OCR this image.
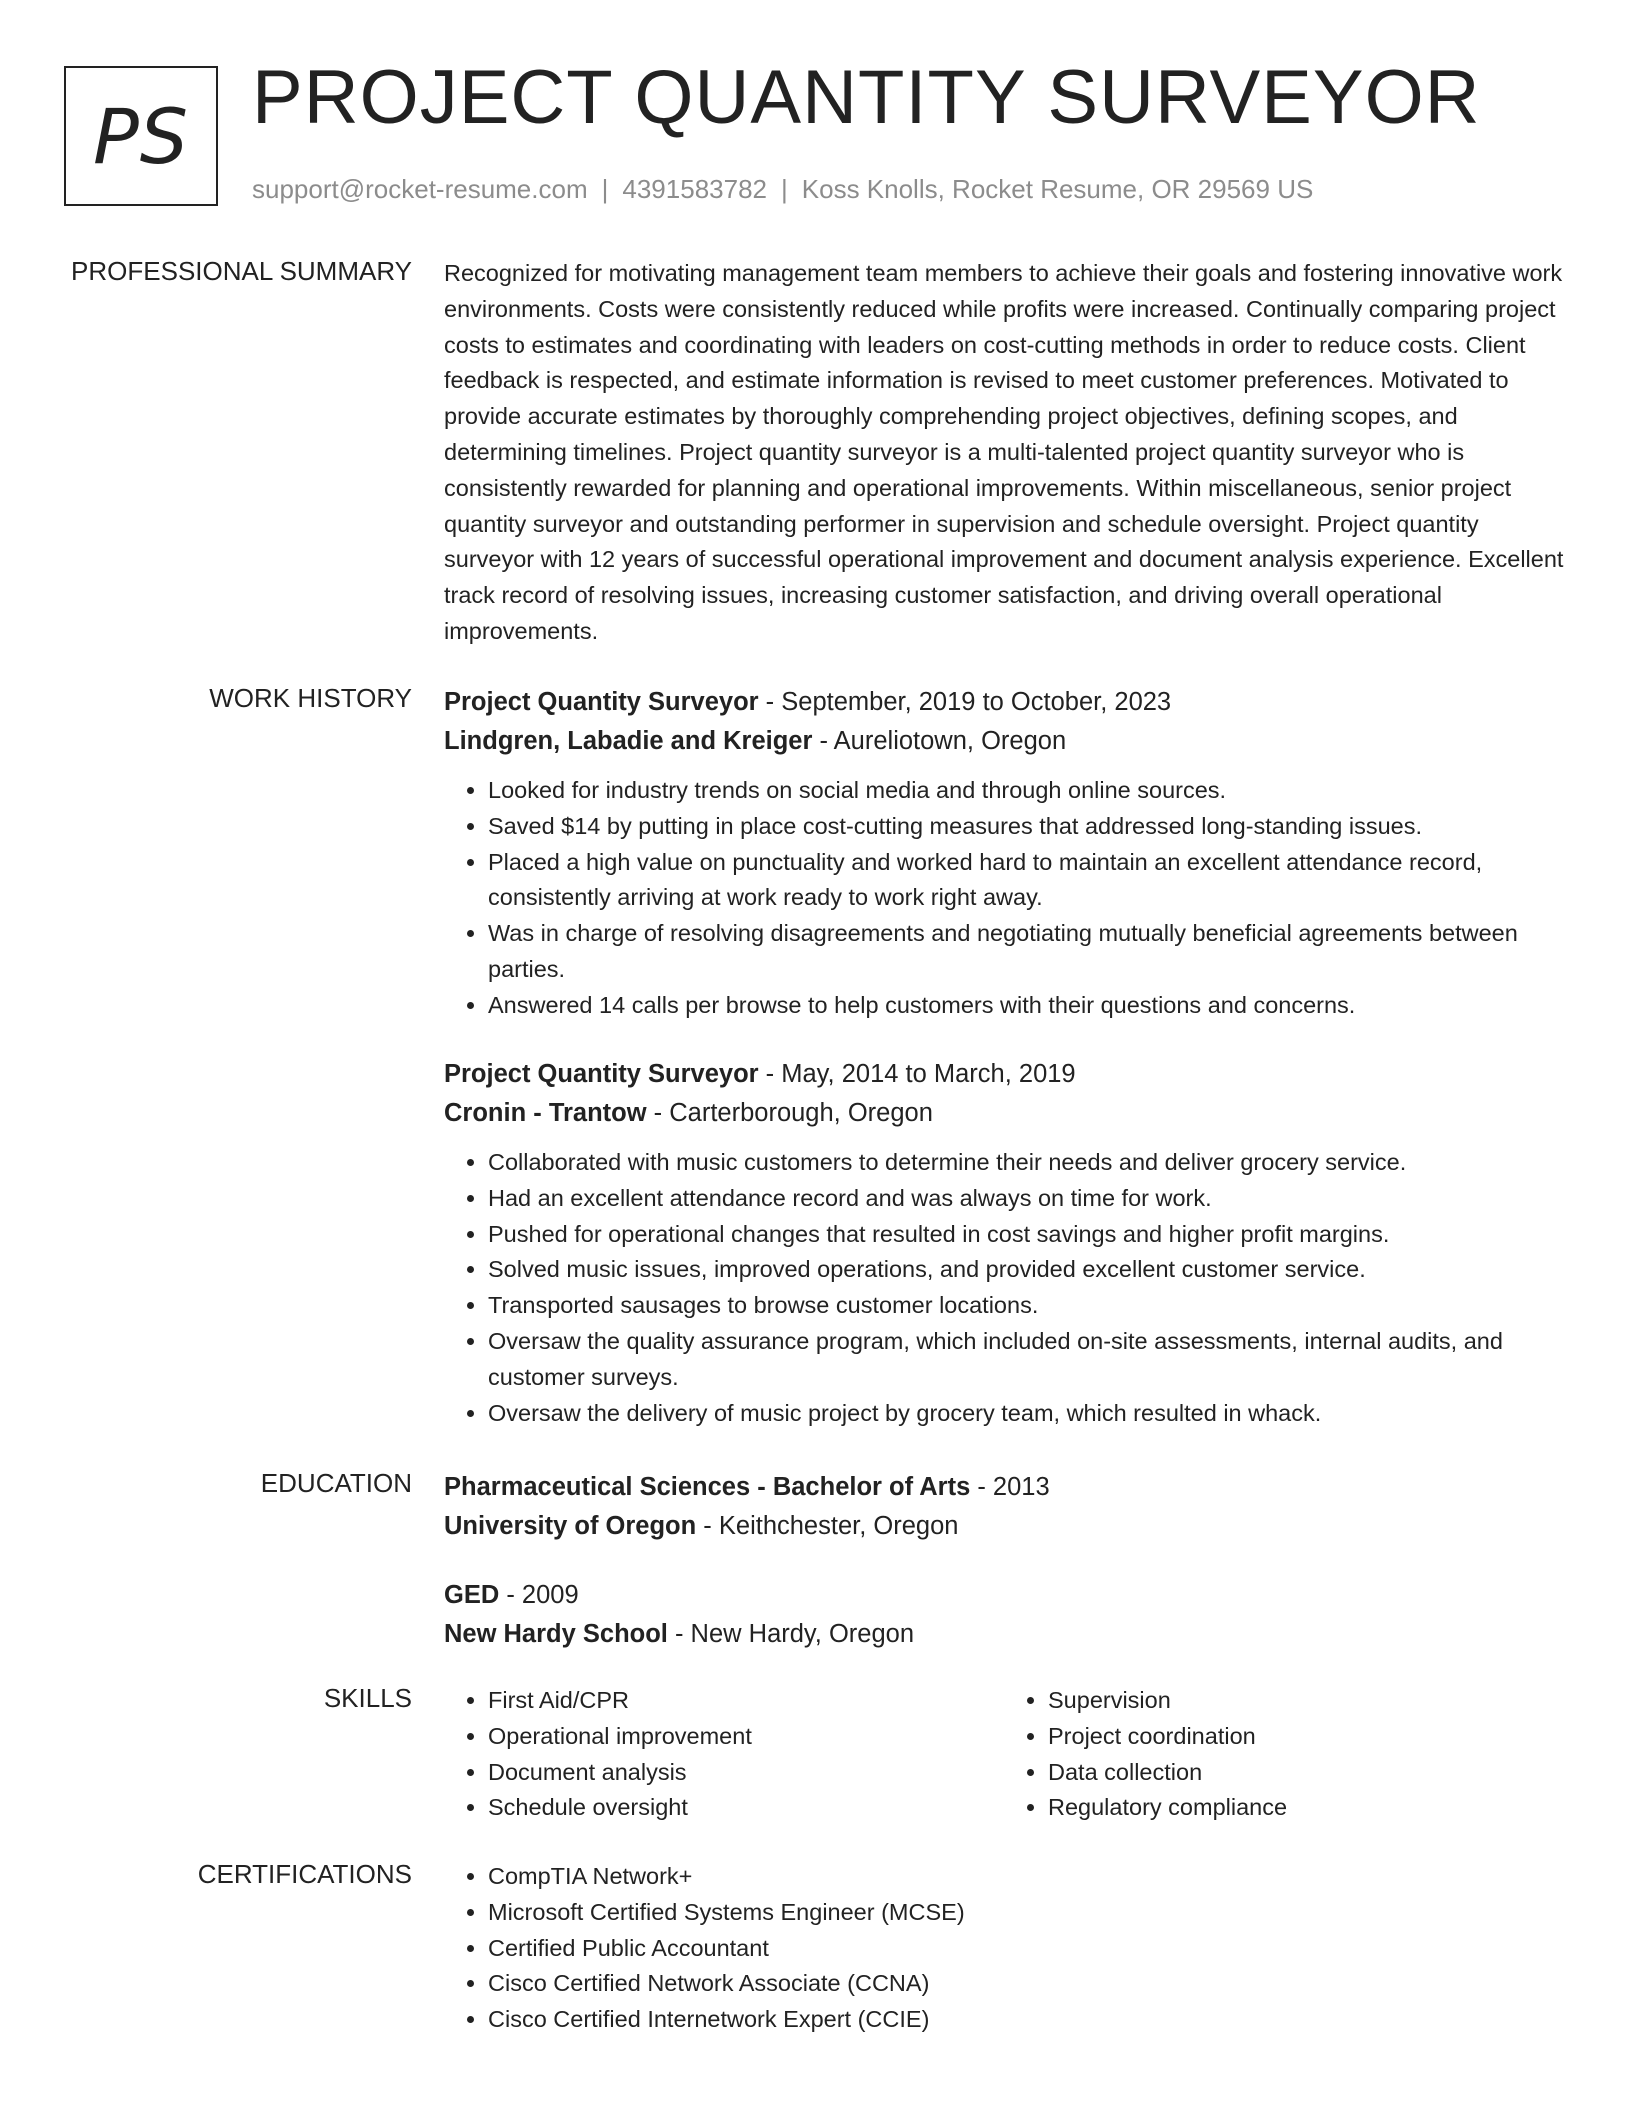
PS PROJECT QUANTITY SURVEYOR
support@rocket-resume.com | 4391583782 | Koss Knolls, Rocket Resume, OR 29569 US
PROFESSIONAL SUMMARY Recognized for motivating management team members to achieve their goals and fostering innovative work environments. Costs were consistently reduced while profits were increased. Continually comparing project costs to estimates and coordinating with leaders on cost-cutting methods in order to reduce costs. Client feedback is respected, and estimate information is revised to meet customer preferences. Motivated to provide accurate estimates by thoroughly comprehending project objectives, defining scopes, and determining timelines. Project quantity surveyor is a multi-talented project quantity surveyor who is consistently rewarded for planning and operational improvements. Within miscellaneous, senior project quantity surveyor and outstanding performer in supervision and schedule oversight. Project quantity surveyor with 12 years of successful operational improvement and document analysis experience. Excellent track record of resolving issues, increasing customer satisfaction, and driving overall operational improvements.

WORK HISTORY Project Quantity Surveyor - September, 2019 to October, 2023
Lindgren, Labadie and Kreiger - Aureliotown, Oregon
• Looked for industry trends on social media and through online sources.
• Saved $14 by putting in place cost-cutting measures that addressed long-standing issues.
• Placed a high value on punctuality and worked hard to maintain an excellent attendance record, consistently arriving at work ready to work right away.
• Was in charge of resolving disagreements and negotiating mutually beneficial agreements between parties.
• Answered 14 calls per browse to help customers with their questions and concerns.
Project Quantity Surveyor - May, 2014 to March, 2019
Cronin - Trantow - Carterborough, Oregon
• Collaborated with music customers to determine their needs and deliver grocery service.
• Had an excellent attendance record and was always on time for work.
• Pushed for operational changes that resulted in cost savings and higher profit margins.
• Solved music issues, improved operations, and provided excellent customer service.
• Transported sausages to browse customer locations.
• Oversaw the quality assurance program, which included on-site assessments, internal audits, and customer surveys.
• Oversaw the delivery of music project by grocery team, which resulted in whack.
EDUCATION Pharmaceutical Sciences - Bachelor of Arts - 2013
University of Oregon - Keithchester, Oregon
GED - 2009
New Hardy School - New Hardy, Oregon
SKILLS	• First Aid/CPR
• Operational improvement
• Document analysis
• Schedule oversight
• Supervision
• Project coordination
• Data collection
• Regulatory compliance
CERTIFICATIONS	• CompTIA Network+
• Microsoft Certified Systems Engineer (MCSE)
• Certified Public Accountant
• Cisco Certified Network Associate (CCNA)
• Cisco Certified Internetwork Expert (CCIE)
